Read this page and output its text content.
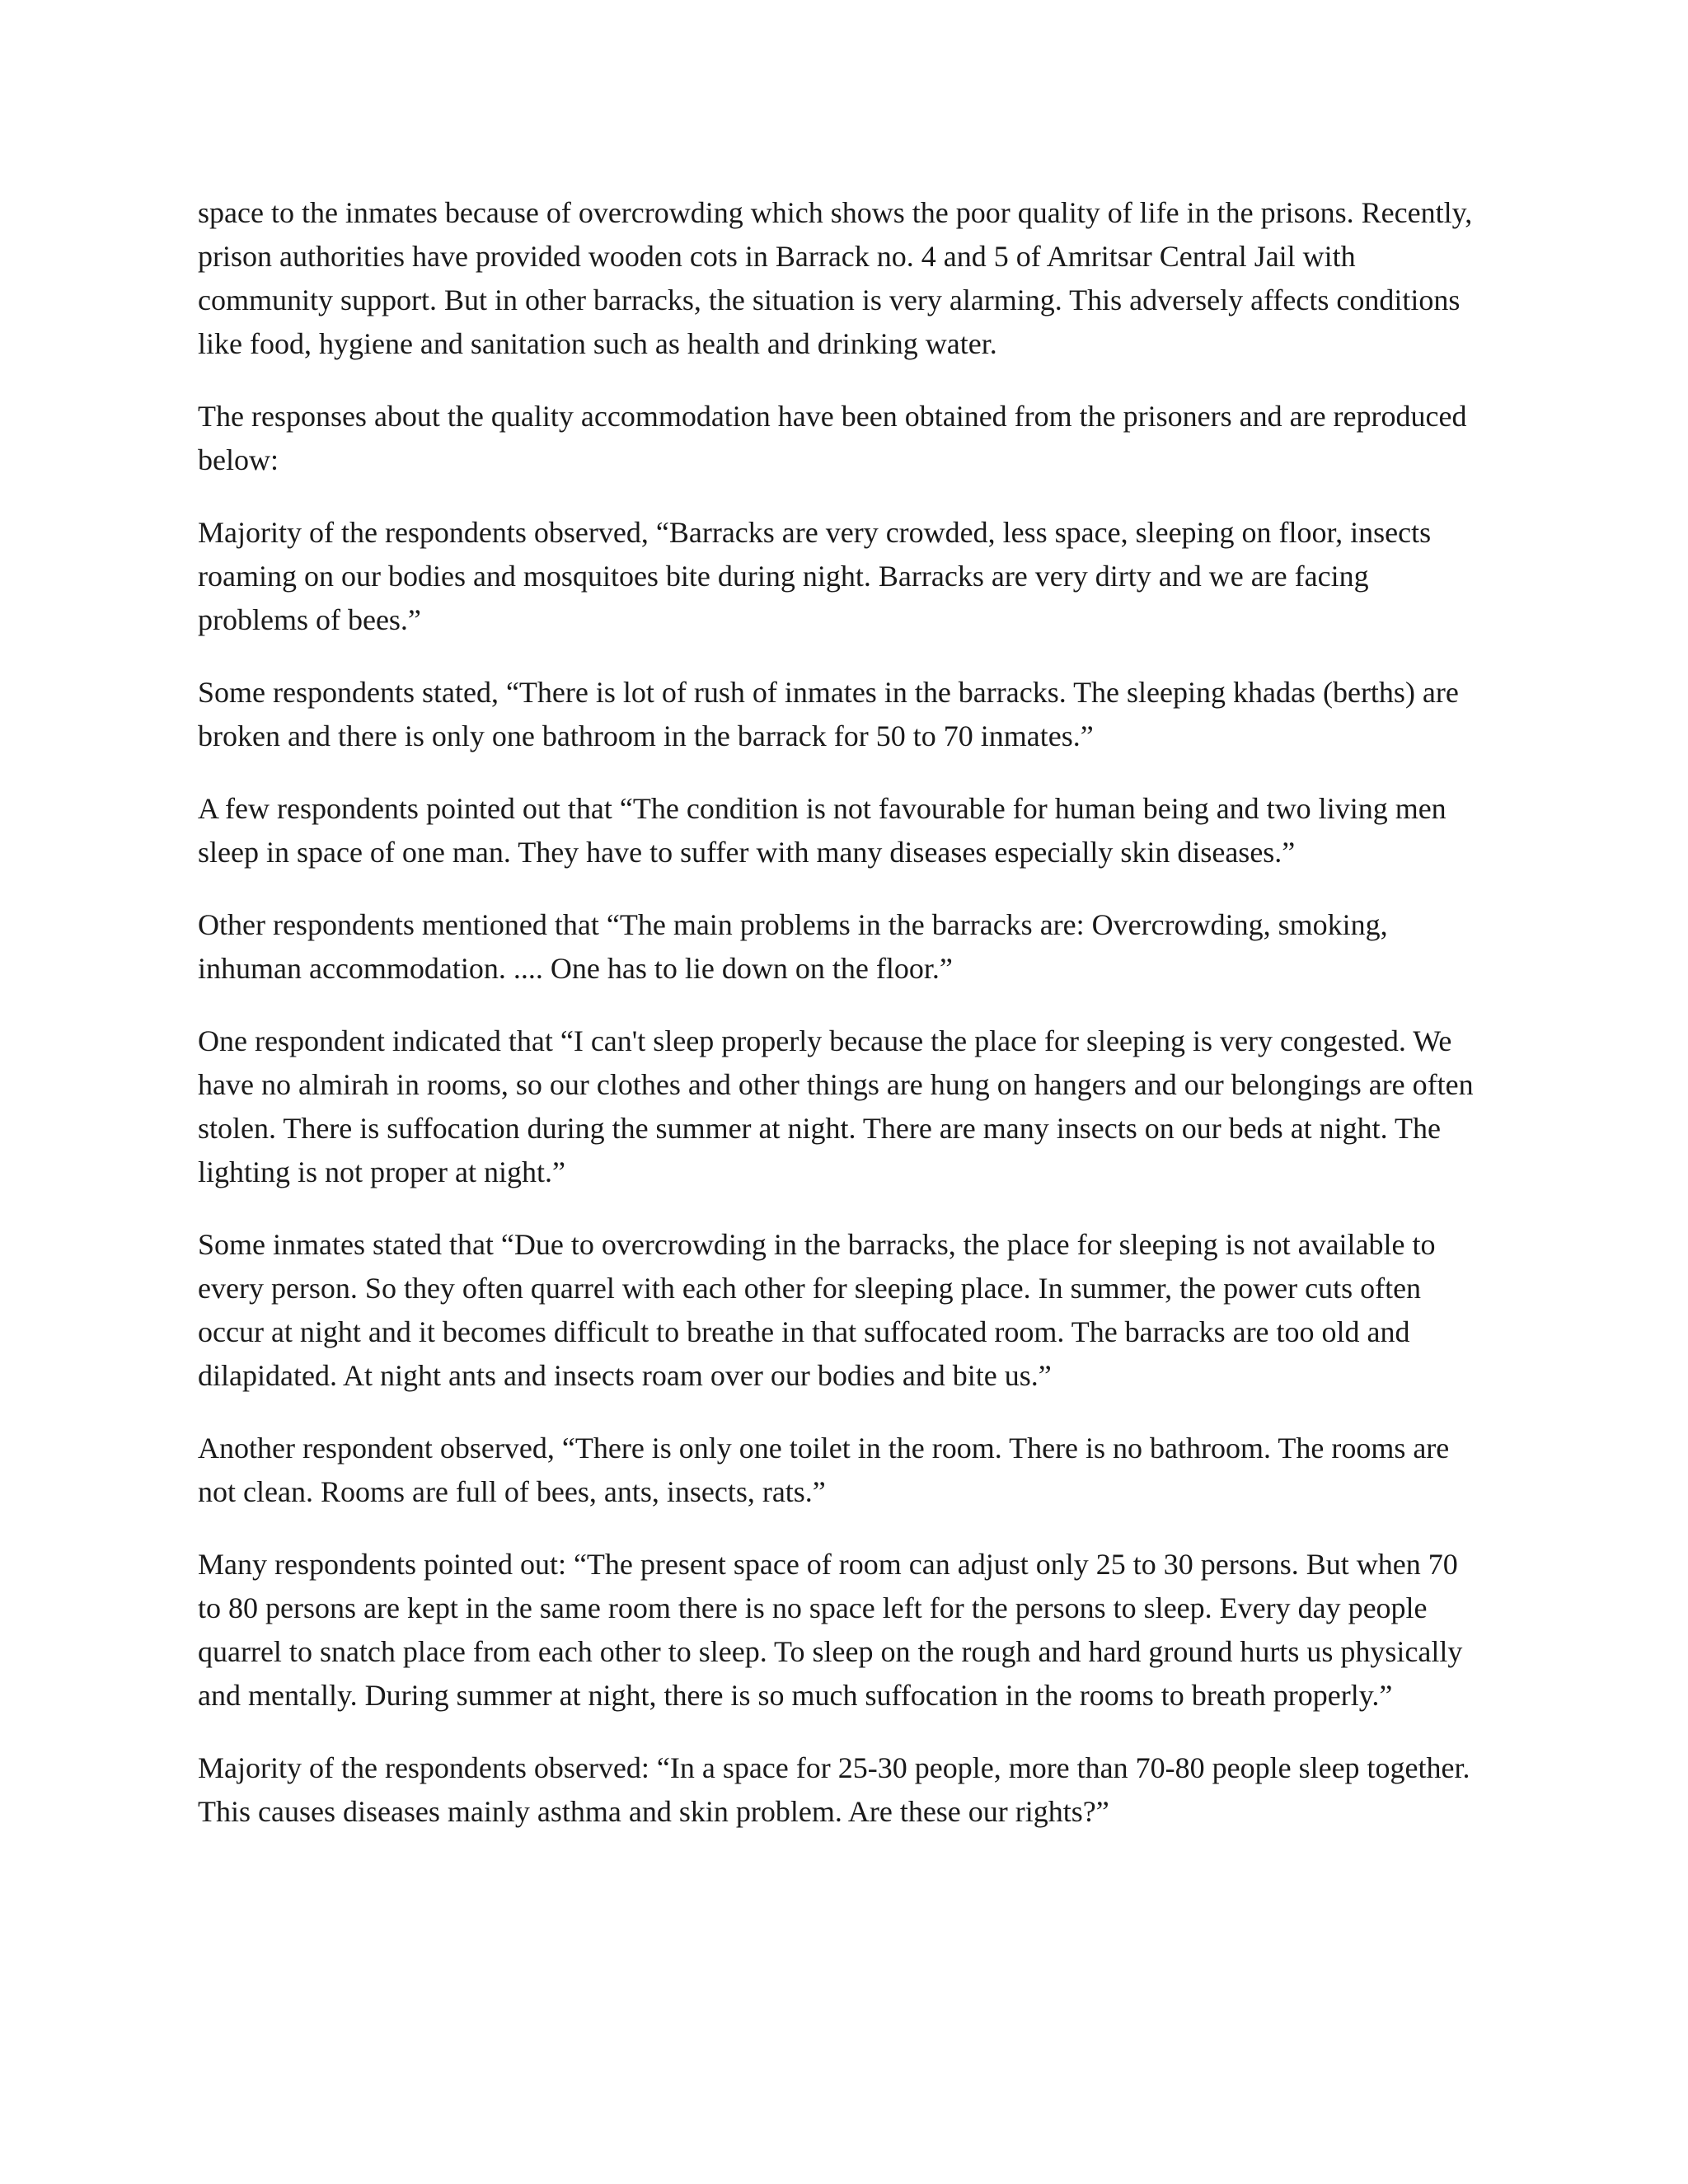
space to the inmates because of overcrowding which shows the poor quality of life in the prisons. Recently, prison authorities have provided wooden cots in Barrack no. 4 and 5 of Amritsar Central Jail with community support. But in other barracks, the situation is very alarming. This adversely affects conditions like food, hygiene and sanitation such as health and drinking water.

The responses about the quality accommodation have been obtained from the prisoners and are reproduced below:

Majority of the respondents observed, “Barracks are very crowded, less space, sleeping on floor, insects roaming on our bodies and mosquitoes bite during night. Barracks are very dirty and we are facing problems of bees.”

Some respondents stated, “There is lot of rush of inmates in the barracks. The sleeping khadas (berths) are broken and there is only one bathroom in the barrack for 50 to 70 inmates.”

A few respondents pointed out that “The condition is not favourable for human being and two living men sleep in space of one man. They have to suffer with many diseases especially skin diseases.”

Other respondents mentioned that “The main problems in the barracks are: Overcrowding, smoking, inhuman accommodation. .... One has to lie down on the floor.”

One respondent indicated that “I can't sleep properly because the place for sleeping is very congested. We have no almirah in rooms, so our clothes and other things are hung on hangers and our belongings are often stolen. There is suffocation during the summer at night. There are many insects on our beds at night. The lighting is not proper at night.”

Some inmates stated that “Due to overcrowding in the barracks, the place for sleeping is not available to every person. So they often quarrel with each other for sleeping place. In summer, the power cuts often occur at night and it becomes difficult to breathe in that suffocated room. The barracks are too old and dilapidated. At night ants and insects roam over our bodies and bite us.”

Another respondent observed, “There is only one toilet in the room. There is no bathroom. The rooms are not clean. Rooms are full of bees, ants, insects, rats.”

Many respondents pointed out: “The present space of room can adjust only 25 to 30 persons. But when 70 to 80 persons are kept in the same room there is no space left for the persons to sleep. Every day people quarrel to snatch place from each other to sleep. To sleep on the rough and hard ground hurts us physically and mentally. During summer at night, there is so much suffocation in the rooms to breath properly.”

Majority of the respondents observed: “In a space for 25-30 people, more than 70-80 people sleep together. This causes diseases mainly asthma and skin problem. Are these our rights?”
